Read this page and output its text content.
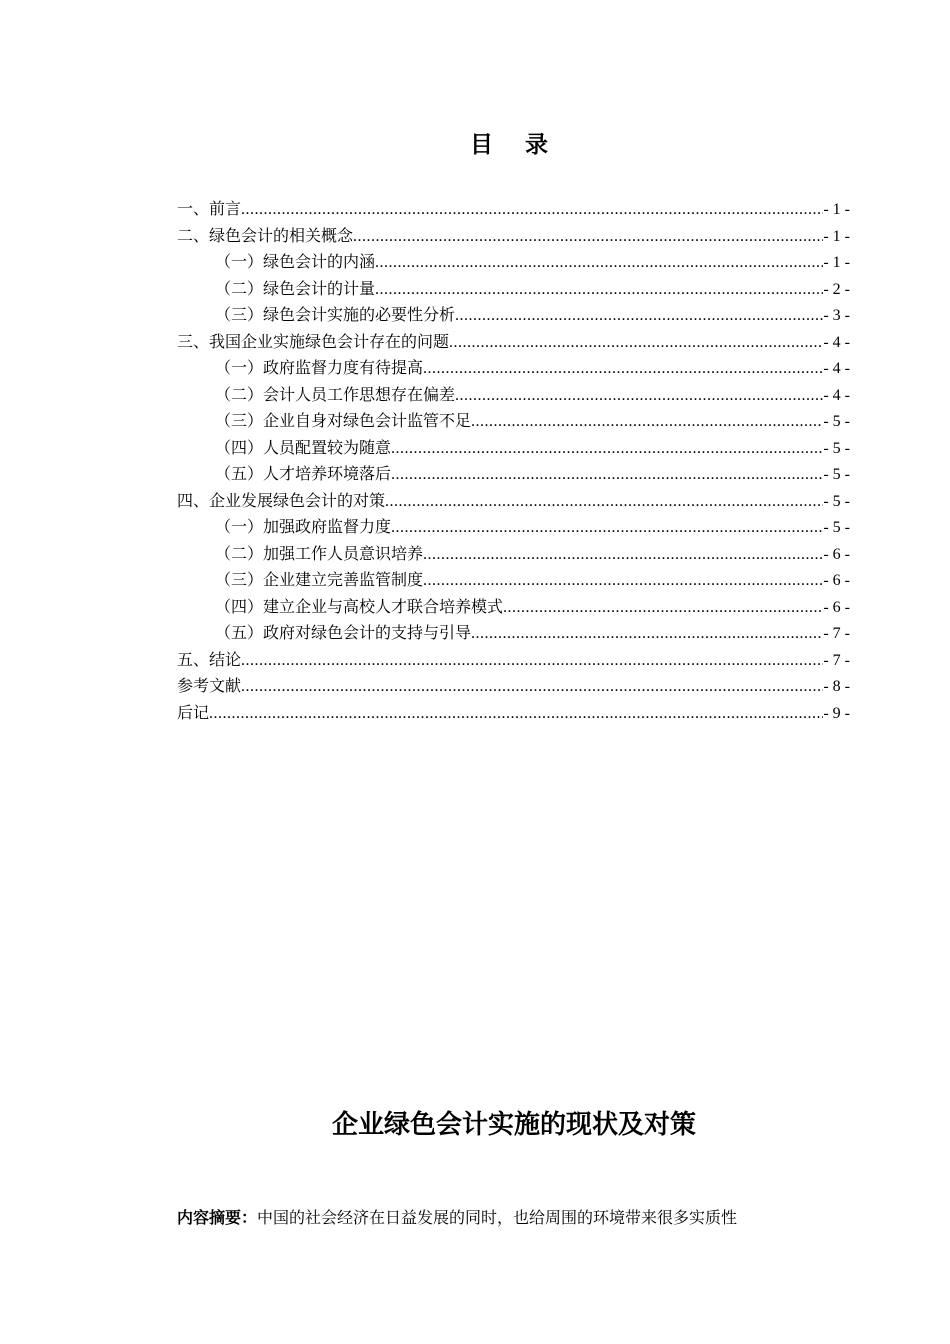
目 录
一、前言 .....	- 1 -
二、绿色会计的相关概念 .....	- 1 -
（一）绿色会计的内涵 .....	- 1 -
（二）绿色会计的计量 .....	- 2 -
（三）绿色会计实施的必要性分析 .....	- 3 -
三、我国企业实施绿色会计存在的问题 .....	- 4 -
（一）政府监督力度有待提高 .....	- 4 -
（二）会计人员工作思想存在偏差 .....	- 4 -
（三）企业自身对绿色会计监管不足 .....	- 5 -
（四）人员配置较为随意 .....	- 5 -
（五）人才培养环境落后 .....	- 5 -
四、企业发展绿色会计的对策 .....	- 5 -
（一）加强政府监督力度 .....	- 5 -
（二）加强工作人员意识培养 .....	- 6 -
（三）企业建立完善监管制度 .....	- 6 -
（四）建立企业与高校人才联合培养模式 .....	- 6 -
（五）政府对绿色会计的支持与引导 .....	- 7 -
五、结论 .....	- 7 -
参考文献 .....	- 8 -
后记 .....	- 9 -
企业绿色会计实施的现状及对策
内容摘要：中国的社会经济在日益发展的同时，也给周围的环境带来很多实质性
